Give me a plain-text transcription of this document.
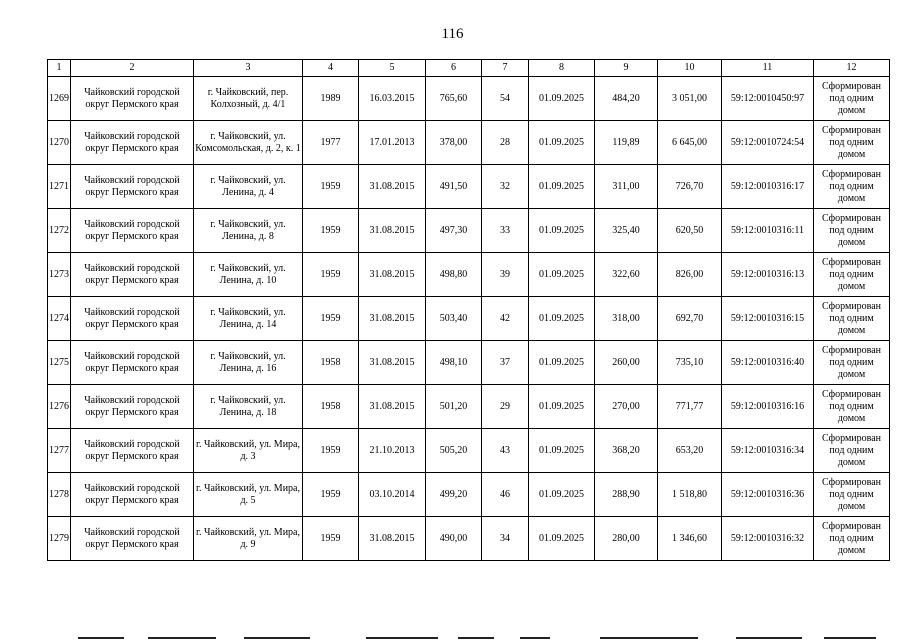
116
1	2	3	4	5	6	7	8	9	10	11	12
1269	Чайковский городской округ Пермского края	г. Чайковский, пер. Колхозный, д. 4/1	1989	16.03.2015	765,60	54	01.09.2025	484,20	3 051,00	59:12:0010450:97	Сформирован под одним домом
1270	Чайковский городской округ Пермского края	г. Чайковский, ул. Комсомольская, д. 2, к. 1	1977	17.01.2013	378,00	28	01.09.2025	119,89	6 645,00	59:12:0010724:54	Сформирован под одним домом
1271	Чайковский городской округ Пермского края	г. Чайковский, ул. Ленина, д. 4	1959	31.08.2015	491,50	32	01.09.2025	311,00	726,70	59:12:0010316:17	Сформирован под одним домом
1272	Чайковский городской округ Пермского края	г. Чайковский, ул. Ленина, д. 8	1959	31.08.2015	497,30	33	01.09.2025	325,40	620,50	59:12:0010316:11	Сформирован под одним домом
1273	Чайковский городской округ Пермского края	г. Чайковский, ул. Ленина, д. 10	1959	31.08.2015	498,80	39	01.09.2025	322,60	826,00	59:12:0010316:13	Сформирован под одним домом
1274	Чайковский городской округ Пермского края	г. Чайковский, ул. Ленина, д. 14	1959	31.08.2015	503,40	42	01.09.2025	318,00	692,70	59:12:0010316:15	Сформирован под одним домом
1275	Чайковский городской округ Пермского края	г. Чайковский, ул. Ленина, д. 16	1958	31.08.2015	498,10	37	01.09.2025	260,00	735,10	59:12:0010316:40	Сформирован под одним домом
1276	Чайковский городской округ Пермского края	г. Чайковский, ул. Ленина, д. 18	1958	31.08.2015	501,20	29	01.09.2025	270,00	771,77	59:12:0010316:16	Сформирован под одним домом
1277	Чайковский городской округ Пермского края	г. Чайковский, ул. Мира, д. 3	1959	21.10.2013	505,20	43	01.09.2025	368,20	653,20	59:12:0010316:34	Сформирован под одним домом
1278	Чайковский городской округ Пермского края	г. Чайковский, ул. Мира, д. 5	1959	03.10.2014	499,20	46	01.09.2025	288,90	1 518,80	59:12:0010316:36	Сформирован под одним домом
1279	Чайковский городской округ Пермского края	г. Чайковский, ул. Мира, д. 9	1959	31.08.2015	490,00	34	01.09.2025	280,00	1 346,60	59:12:0010316:32	Сформирован под одним домом
